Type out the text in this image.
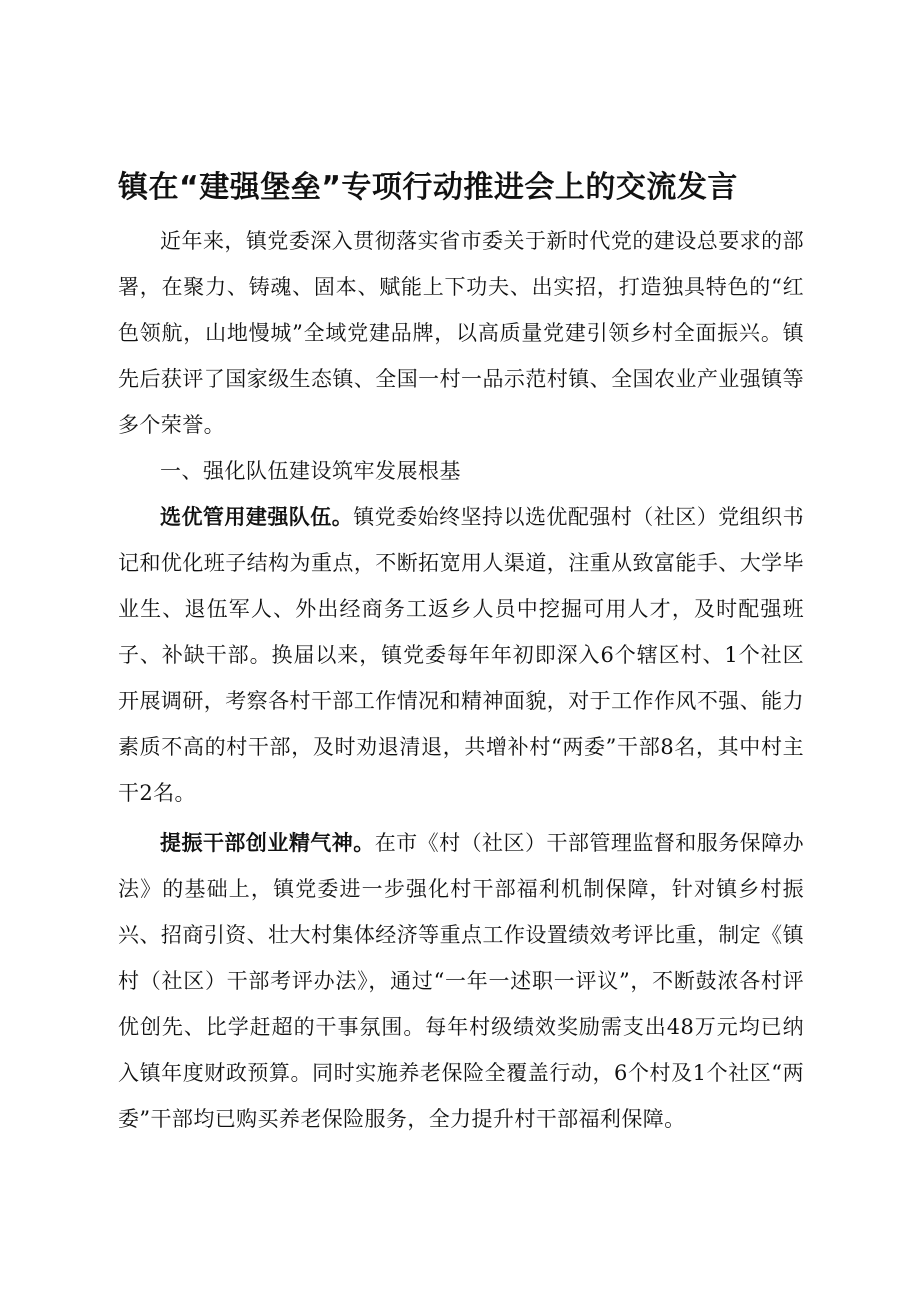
镇在“建强堡垒”专项行动推进会上的交流发言

近年来，镇党委深入贯彻落实省市委关于新时代党的建设总要求的部署，在聚力、铸魂、固本、赋能上下功夫、出实招，打造独具特色的“红色领航，山地慢城”全域党建品牌，以高质量党建引领乡村全面振兴。镇先后获评了国家级生态镇、全国一村一品示范村镇、全国农业产业强镇等多个荣誉。

一、强化队伍建设筑牢发展根基

选优管用建强队伍。镇党委始终坚持以选优配强村（社区）党组织书记和优化班子结构为重点，不断拓宽用人渠道，注重从致富能手、大学毕业生、退伍军人、外出经商务工返乡人员中挖掘可用人才，及时配强班子、补缺干部。换届以来，镇党委每年年初即深入6个辖区村、1个社区开展调研，考察各村干部工作情况和精神面貌，对于工作作风不强、能力素质不高的村干部，及时劝退清退，共增补村“两委”干部8名，其中村主干2名。

提振干部创业精气神。在市《村（社区）干部管理监督和服务保障办法》的基础上，镇党委进一步强化村干部福利机制保障，针对镇乡村振兴、招商引资、壮大村集体经济等重点工作设置绩效考评比重，制定《镇村（社区）干部考评办法》，通过“一年一述职一评议”，不断鼓浓各村评优创先、比学赶超的干事氛围。每年村级绩效奖励需支出48万元均已纳入镇年度财政预算。同时实施养老保险全覆盖行动，6个村及1个社区“两委”干部均已购买养老保险服务，全力提升村干部福利保障。
